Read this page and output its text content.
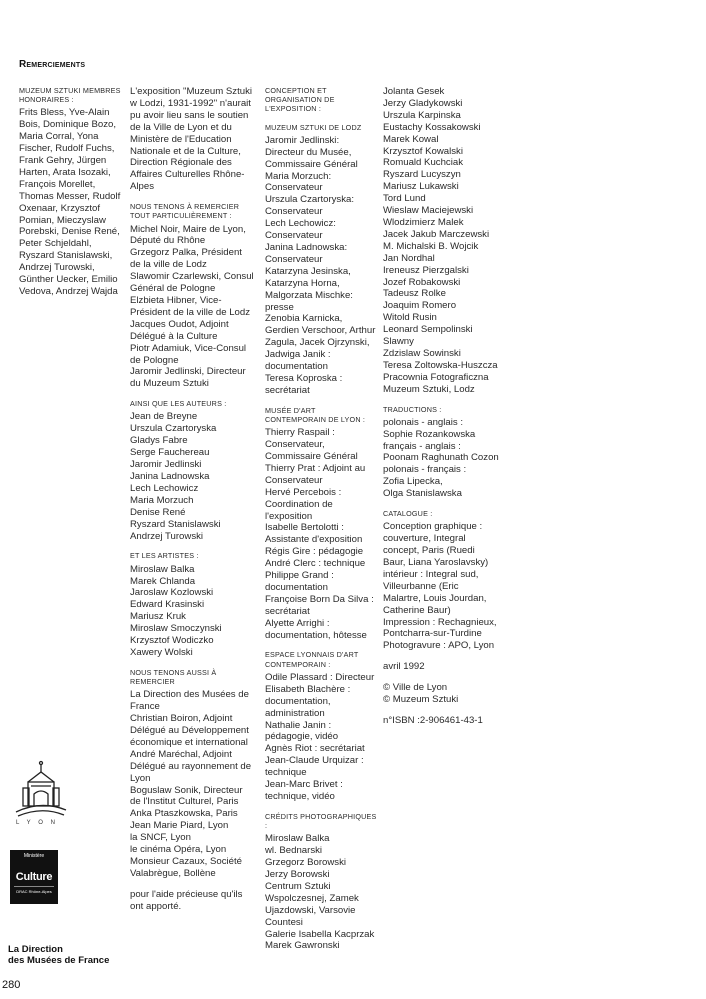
Remerciements

MUZEUM SZTUKI MEMBRES HONORAIRES :

Frits Bless, Yve-Alain Bois, Dominique Bozo, Maria Corral, Yona Fischer, Rudolf Fuchs, Frank Gehry, Jürgen Harten, Arata Isozaki, François Morellet, Thomas Messer, Rudolf Oxenaar, Krzysztof Pomian, Mieczyslaw Porebski, Denise René, Peter Schjeldahl, Ryszard Stanislawski, Andrzej Turowski, Günther Uecker, Emilio Vedova, Andrzej Wajda

L'exposition "Muzeum Sztuki w Lodzi, 1931-1992" n'aurait pu avoir lieu sans le soutien de la Ville de Lyon et du Ministère de l'Education Nationale et de la Culture, Direction Régionale des Affaires Culturelles Rhône-Alpes

NOUS TENONS À REMERCIER TOUT PARTICULIÈREMENT :

Michel Noir, Maire de Lyon, Député du Rhône
Grzegorz Palka, Président de la ville de Lodz
Slawomir Czarlewski, Consul Général de Pologne
Elzbieta Hibner, Vice-Président de la ville de Lodz
Jacques Oudot, Adjoint Délégué à la Culture
Piotr Adamiuk, Vice-Consul de Pologne
Jaromir Jedlinski, Directeur du Muzeum Sztuki

AINSI QUE LES AUTEURS :

Jean de Breyne
Urszula Czartoryska
Gladys Fabre
Serge Fauchereau
Jaromir Jedlinski
Janina Ladnowska
Lech Lechowicz
Maria Morzuch
Denise René
Ryszard Stanislawski
Andrzej Turowski

ET LES ARTISTES :

Miroslaw Balka
Marek Chlanda
Jaroslaw Kozlowski
Edward Krasinski
Mariusz Kruk
Miroslaw Smoczynski
Krzysztof Wodiczko
Xawery Wolski

NOUS TENONS AUSSI À REMERCIER

La Direction des Musées de France
Christian Boiron, Adjoint Délégué au Développement économique et international
André Maréchal, Adjoint Délégué au rayonnement de Lyon
Boguslaw Sonik, Directeur de l'Institut Culturel, Paris
Anka Ptaszkowska, Paris
Jean Marie Piard, Lyon
la SNCF, Lyon
le cinéma Opéra, Lyon
Monsieur Cazaux, Société Valabrègue, Bollène

pour l'aide précieuse qu'ils ont apporté.

CONCEPTION ET ORGANISATION DE L'EXPOSITION :

MUZEUM SZTUKI DE LODZ

Jaromir Jedlinski: Directeur du Musée, Commissaire Général
Maria Morzuch: Conservateur
Urszula Czartoryska: Conservateur
Lech Lechowicz: Conservateur
Janina Ladnowska: Conservateur
Katarzyna Jesinska, Katarzyna Horna, Malgorzata Mischke: presse
Zenobia Karnicka, Gerdien Verschoor, Arthur Zagula, Jacek Ojrzynski, Jadwiga Janik : documentation
Teresa Koproska : secrétariat

MUSÉE D'ART CONTEMPORAIN DE LYON :

Thierry Raspail : Conservateur, Commissaire Général
Thierry Prat : Adjoint au Conservateur
Hervé Percebois : Coordination de l'exposition
Isabelle Bertolotti : Assistante d'exposition
Régis Gire : pédagogie
André Clerc : technique
Philippe Grand : documentation
Françoise Born Da Silva : secrétariat
Alyette Arrighi : documentation, hôtesse

ESPACE LYONNAIS D'ART CONTEMPORAIN :

Odile Plassard : Directeur
Elisabeth Blachère : documentation, administration
Nathalie Janin : pédagogie, vidéo
Agnès Riot : secrétariat
Jean-Claude Urquizar : technique
Jean-Marc Brivet : technique, vidéo

CRÉDITS PHOTOGRAPHIQUES :

Miroslaw Balka
wl. Bednarski
Grzegorz Borowski
Jerzy Borowski
Centrum Sztuki Wspolczesnej, Zamek Ujazdowski, Varsovie
Countesi
Galerie Isabella Kacprzak
Marek Gawronski

Jolanta Gesek
Jerzy Gladykowski
Urszula Karpinska
Eustachy Kossakowski
Marek Kowal
Krzysztof Kowalski
Romuald Kuchciak
Ryszard Lucyszyn
Mariusz Lukawski
Tord Lund
Wieslaw Maciejewski
Wlodzimierz Malek
Jacek Jakub Marczewski
M. Michalski B. Wojcik
Jan Nordhal
Ireneusz Pierzgalski
Jozef Robakowski
Tadeusz Rolke
Joaquim Romero
Witold Rusin
Leonard Sempolinski
Slawny
Zdzislaw Sowinski
Teresa Zoltowska-Huszcza
Pracownia Fotograficzna Muzeum Sztuki, Lodz

TRADUCTIONS :

polonais - anglais :
Sophie Rozankowska
français - anglais :
Poonam Raghunath Cozon
polonais - français :
Zofia Lipecka,
Olga Stanislawska

CATALOGUE :

Conception graphique : couverture, Integral concept, Paris (Ruedi Baur, Liana Yaroslavsky)
intérieur : Integral sud, Villeurbanne (Eric Malartre, Louis Jourdan, Catherine Baur)
Impression : Rechagnieux, Pontcharra-sur-Turdine
Photogravure : APO, Lyon

avril 1992

© Ville de Lyon
© Muzeum Sztuki

n°ISBN :2-906461-43-1

L Y O N
Ministère
Culture
DRAC Rhône-Alpes

La Direction
des Musées de France

280
